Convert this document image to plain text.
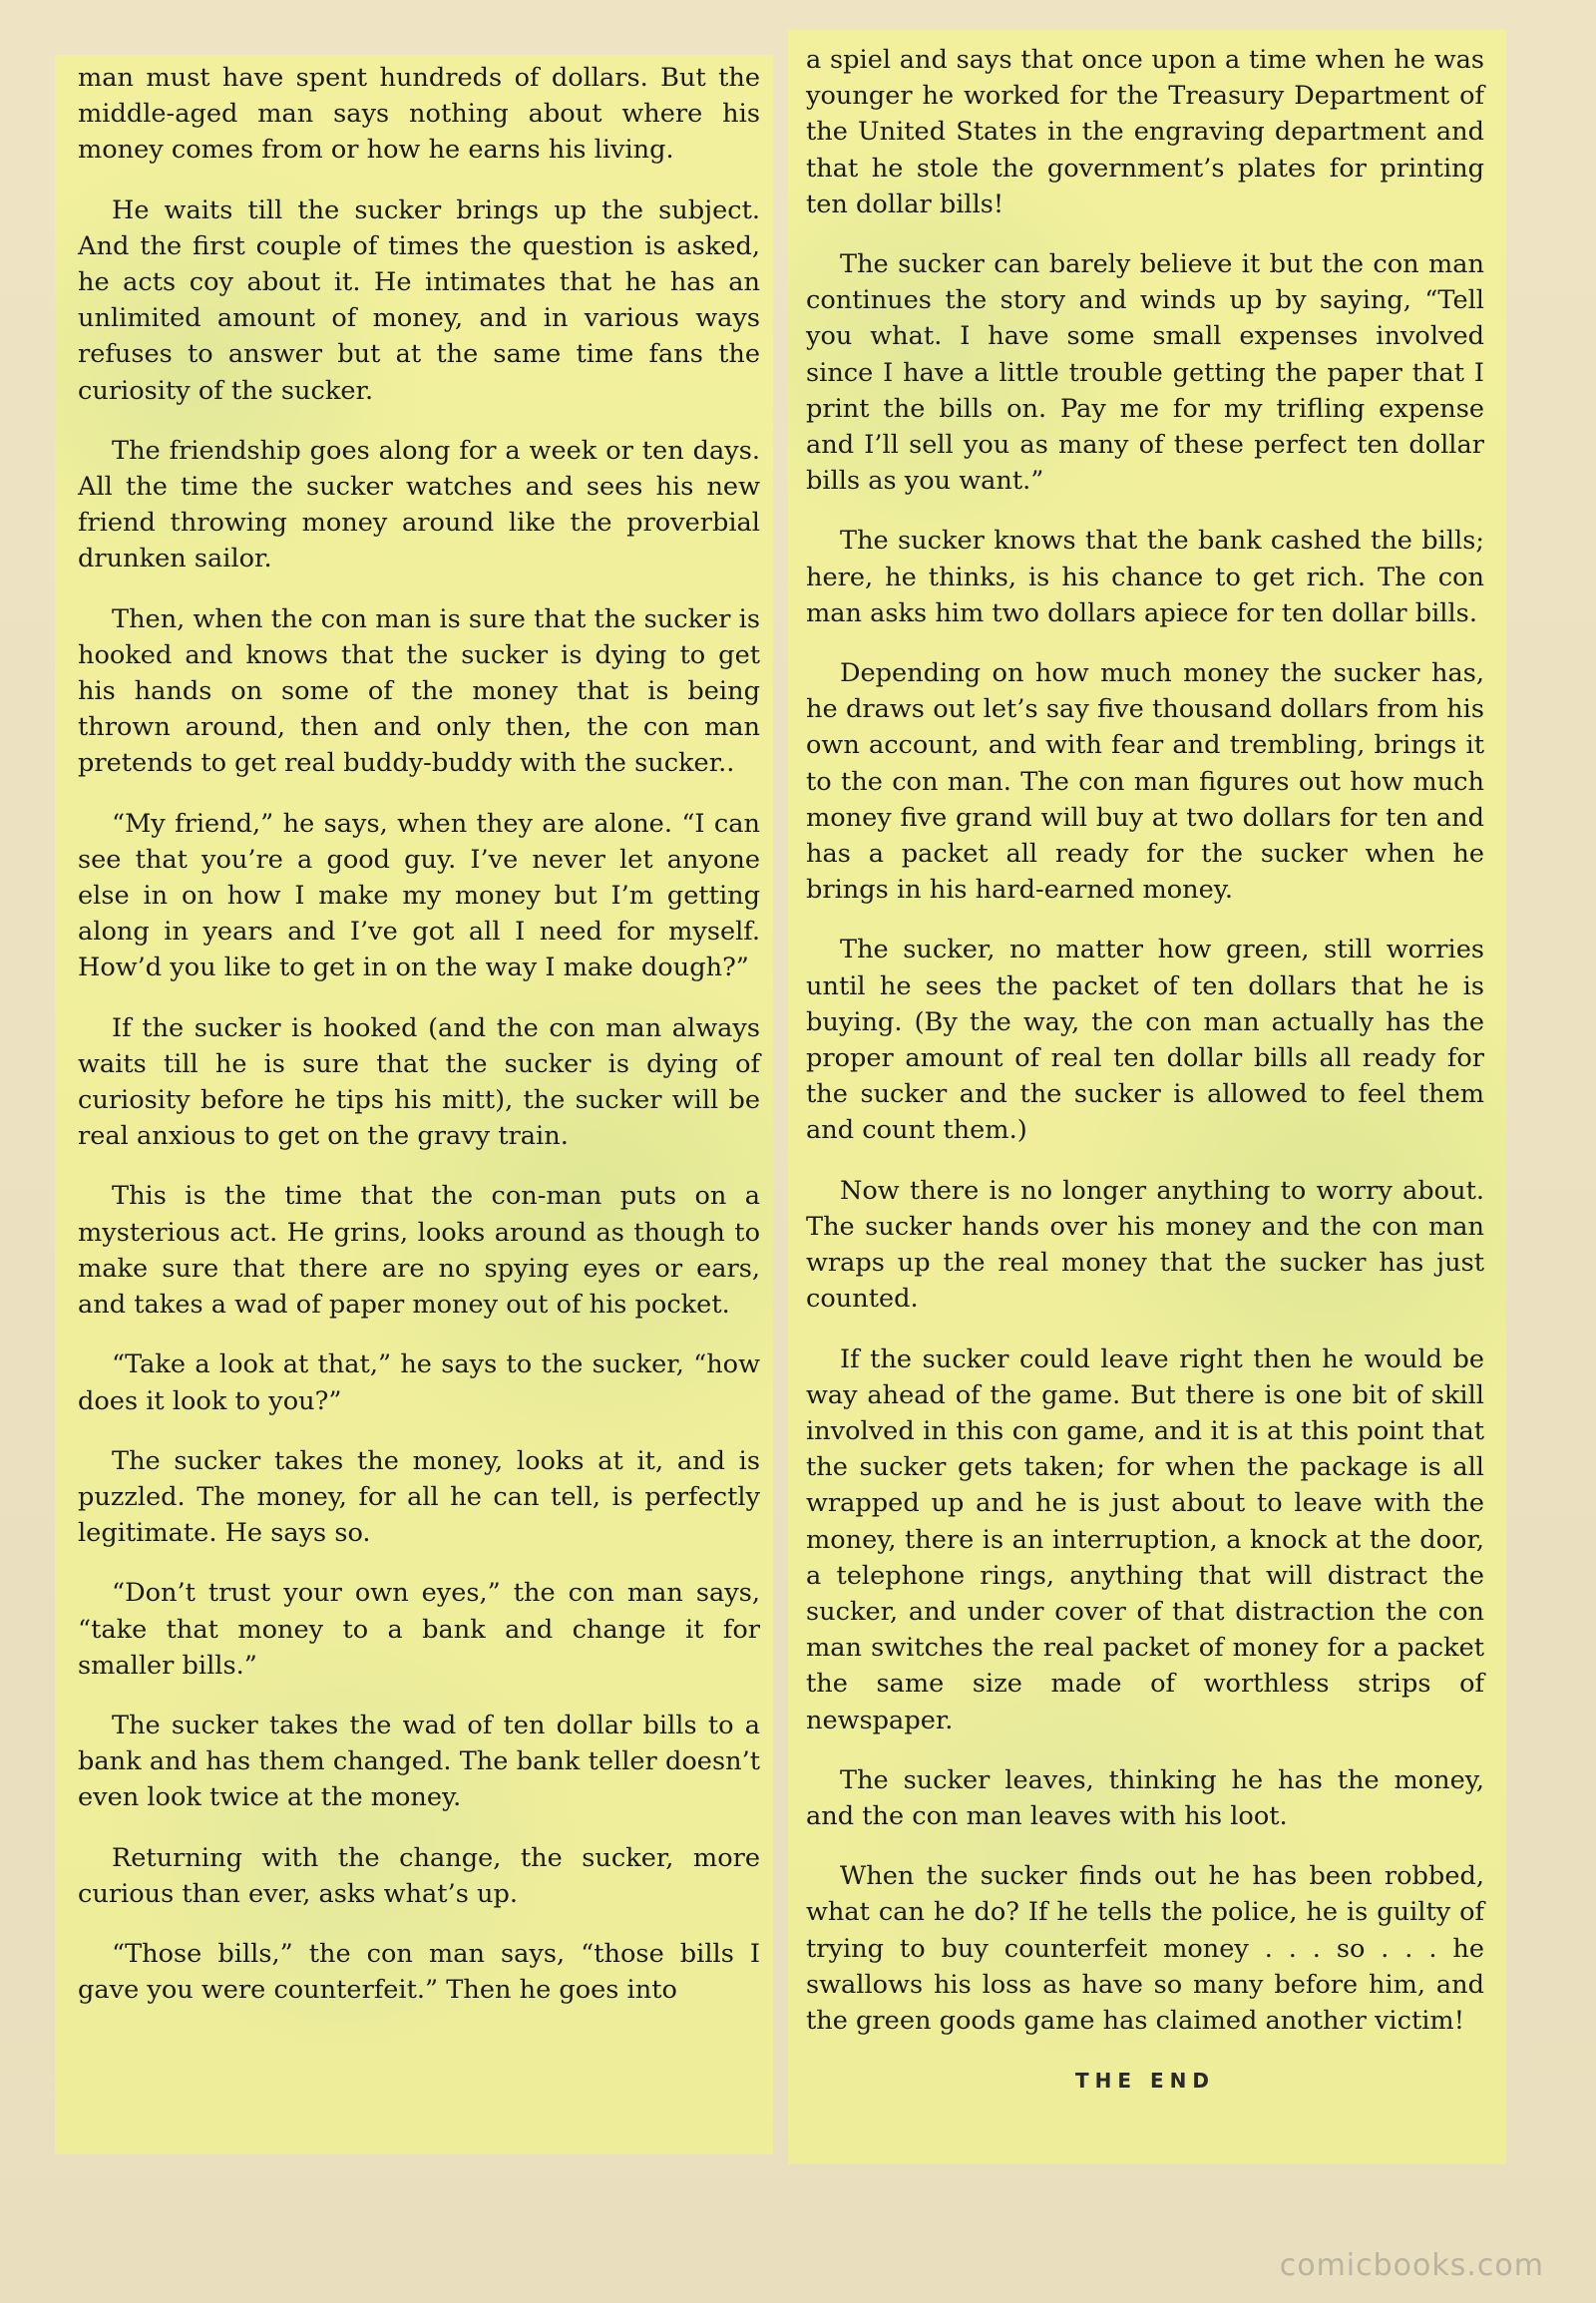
man must have spent hundreds of dollars. But the middle-aged man says nothing about where his money comes from or how he earns his living.

He waits till the sucker brings up the subject. And the first couple of times the question is asked, he acts coy about it. He intimates that he has an unlimited amount of money, and in various ways refuses to answer but at the same time fans the curiosity of the sucker.

The friendship goes along for a week or ten days. All the time the sucker watches and sees his new friend throwing money around like the proverbial drunken sailor.

Then, when the con man is sure that the sucker is hooked and knows that the sucker is dying to get his hands on some of the money that is being thrown around, then and only then, the con man pretends to get real buddy-buddy with the sucker..

“My friend,” he says, when they are alone. “I can see that you’re a good guy. I’ve never let anyone else in on how I make my money but I’m getting along in years and I’ve got all I need for myself. How’d you like to get in on the way I make dough?”

If the sucker is hooked (and the con man always waits till he is sure that the sucker is dying of curiosity before he tips his mitt), the sucker will be real anxious to get on the gravy train.

This is the time that the con-man puts on a mysterious act. He grins, looks around as though to make sure that there are no spying eyes or ears, and takes a wad of paper money out of his pocket.

“Take a look at that,” he says to the sucker, “how does it look to you?”

The sucker takes the money, looks at it, and is puzzled. The money, for all he can tell, is perfectly legitimate. He says so.

“Don’t trust your own eyes,” the con man says, “take that money to a bank and change it for smaller bills.”

The sucker takes the wad of ten dollar bills to a bank and has them changed. The bank teller doesn’t even look twice at the money.

Returning with the change, the sucker, more curious than ever, asks what’s up.

“Those bills,” the con man says, “those bills I gave you were counterfeit.” Then he goes into

a spiel and says that once upon a time when he was younger he worked for the Treasury Department of the United States in the engraving department and that he stole the government’s plates for printing ten dollar bills!

The sucker can barely believe it but the con man continues the story and winds up by saying, “Tell you what. I have some small expenses involved since I have a little trouble getting the paper that I print the bills on. Pay me for my trifling expense and I’ll sell you as many of these perfect ten dollar bills as you want.”

The sucker knows that the bank cashed the bills; here, he thinks, is his chance to get rich. The con man asks him two dollars apiece for ten dollar bills.

Depending on how much money the sucker has, he draws out let’s say five thousand dollars from his own account, and with fear and trembling, brings it to the con man. The con man figures out how much money five grand will buy at two dollars for ten and has a packet all ready for the sucker when he brings in his hard-earned money.

The sucker, no matter how green, still worries until he sees the packet of ten dollars that he is buying. (By the way, the con man actually has the proper amount of real ten dollar bills all ready for the sucker and the sucker is allowed to feel them and count them.)

Now there is no longer anything to worry about. The sucker hands over his money and the con man wraps up the real money that the sucker has just counted.

If the sucker could leave right then he would be way ahead of the game. But there is one bit of skill involved in this con game, and it is at this point that the sucker gets taken; for when the package is all wrapped up and he is just about to leave with the money, there is an interruption, a knock at the door, a telephone rings, anything that will distract the sucker, and under cover of that distraction the con man switches the real packet of money for a packet the same size made of worthless strips of newspaper.

The sucker leaves, thinking he has the money, and the con man leaves with his loot.

When the sucker finds out he has been robbed, what can he do? If he tells the police, he is guilty of trying to buy counterfeit money . . . so . . . he swallows his loss as have so many before him, and the green goods game has claimed another victim!

THE END
comicbooks.com
